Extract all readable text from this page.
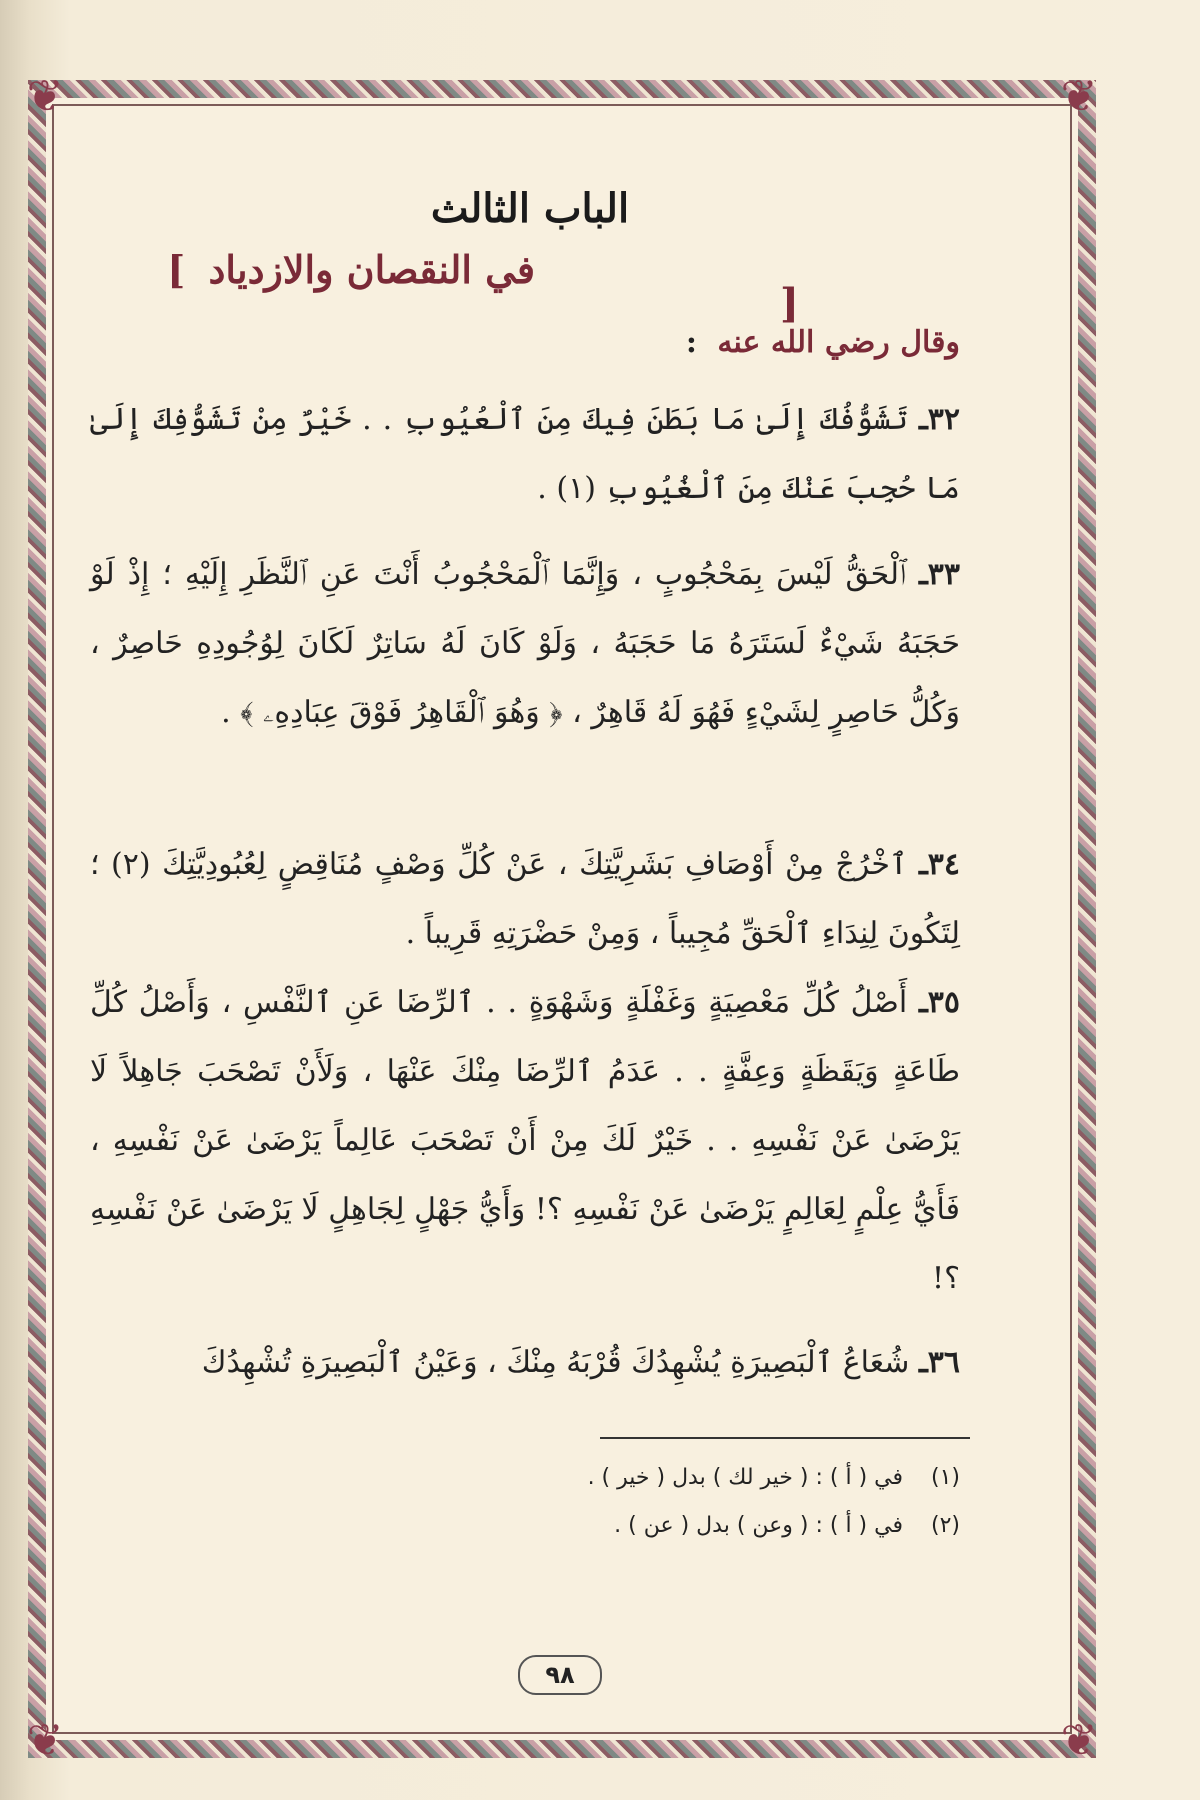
❦	❦
❦	❦
[
الباب الثالث
في النقصان والازدياد ]
وقال رضي الله عنه :
٣٢ـ تَشَوُّفُكَ إِلَىٰ مَا بَطَنَ فِيكَ مِنَ ٱلْعُيُوبِ . . خَيْرٌ مِنْ تَشَوُّفِكَ إِلَىٰ مَا حُجِبَ عَنْكَ مِنَ ٱلْغُيُوبِ (١) .
٣٣ـ ٱلْحَقُّ لَيْسَ بِمَحْجُوبٍ ، وَإِنَّمَا ٱلْمَحْجُوبُ أَنْتَ عَنِ ٱلنَّظَرِ إِلَيْهِ ؛ إِذْ لَوْ حَجَبَهُ شَيْءٌ لَسَتَرَهُ مَا حَجَبَهُ ، وَلَوْ كَانَ لَهُ سَاتِرٌ لَكَانَ لِوُجُودِهِ حَاصِرٌ ، وَكُلُّ حَاصِرٍ لِشَيْءٍ فَهُوَ لَهُ قَاهِرٌ ، ﴿ وَهُوَ ٱلْقَاهِرُ فَوْقَ عِبَادِهِۦ ﴾ .
٣٤ـ ٱخْرُجْ مِنْ أَوْصَافِ بَشَرِيَّتِكَ ، عَنْ كُلِّ وَصْفٍ مُنَاقِضٍ لِعُبُودِيَّتِكَ (٢) ؛ لِتَكُونَ لِنِدَاءِ ٱلْحَقِّ مُجِيباً ، وَمِنْ حَضْرَتِهِ قَرِيباً .
٣٥ـ أَصْلُ كُلِّ مَعْصِيَةٍ وَغَفْلَةٍ وَشَهْوَةٍ . . ٱلرِّضَا عَنِ ٱلنَّفْسِ ، وَأَصْلُ كُلِّ طَاعَةٍ وَيَقَظَةٍ وَعِفَّةٍ . . عَدَمُ ٱلرِّضَا مِنْكَ عَنْهَا ، وَلَأَنْ تَصْحَبَ جَاهِلاً لَا يَرْضَىٰ عَنْ نَفْسِهِ . . خَيْرٌ لَكَ مِنْ أَنْ تَصْحَبَ عَالِماً يَرْضَىٰ عَنْ نَفْسِهِ ، فَأَيُّ عِلْمٍ لِعَالِمٍ يَرْضَىٰ عَنْ نَفْسِهِ ؟! وَأَيُّ جَهْلٍ لِجَاهِلٍ لَا يَرْضَىٰ عَنْ نَفْسِهِ ؟!
٣٦ـ شُعَاعُ ٱلْبَصِيرَةِ يُشْهِدُكَ قُرْبَهُ مِنْكَ ، وَعَيْنُ ٱلْبَصِيرَةِ تُشْهِدُكَ
(١)    في ( أ ) : ( خير لك ) بدل ( خير ) .
(٢)    في ( أ ) : ( وعن ) بدل ( عن ) .
٩٨
